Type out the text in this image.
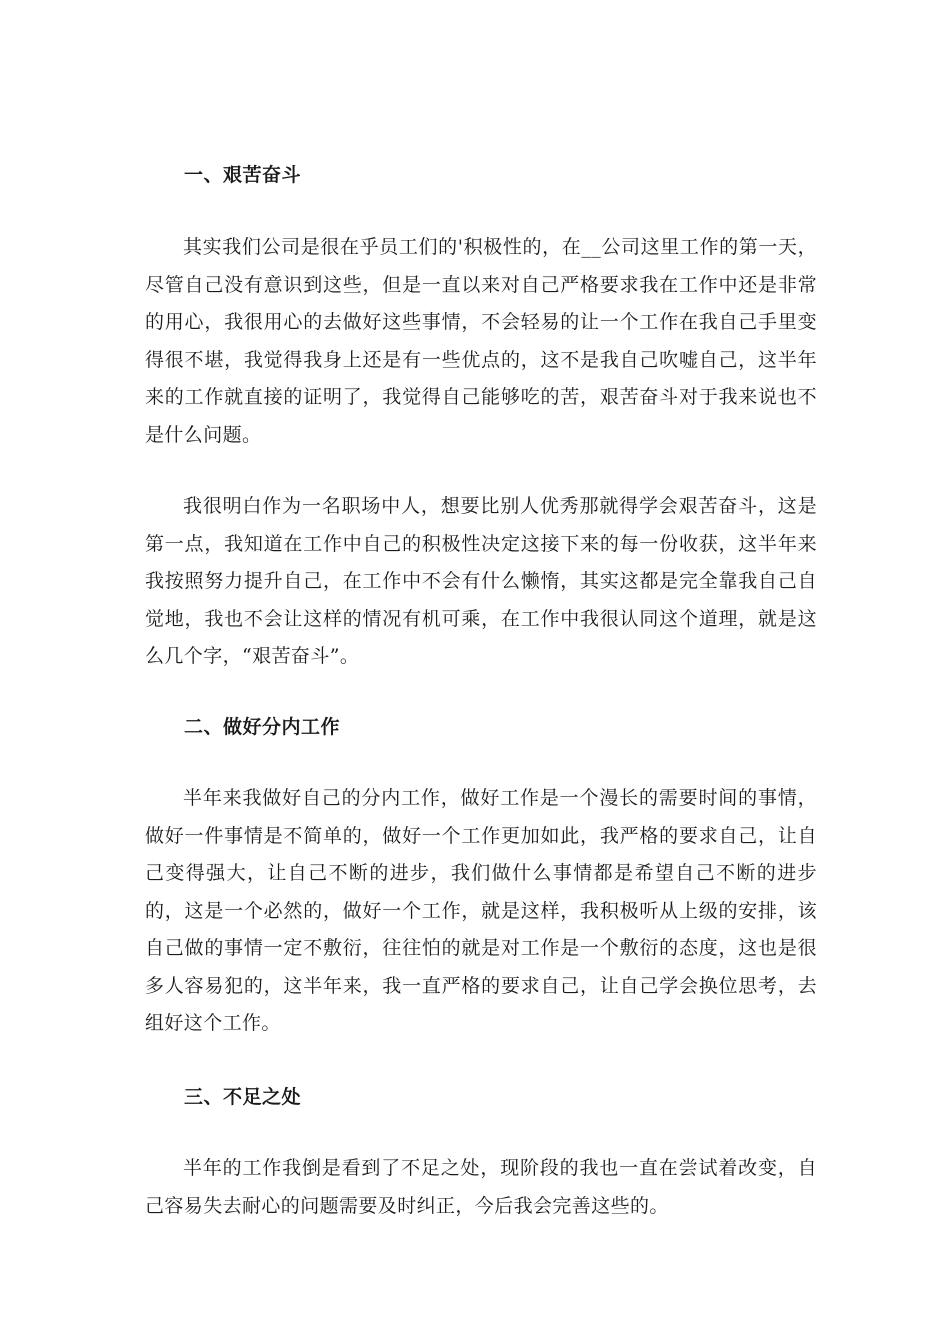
一、艰苦奋斗

其实我们公司是很在乎员工们的'积极性的，在__公司这里工作的第一天，尽管自己没有意识到这些，但是一直以来对自己严格要求我在工作中还是非常的用心，我很用心的去做好这些事情，不会轻易的让一个工作在我自己手里变得很不堪，我觉得我身上还是有一些优点的，这不是我自己吹嘘自己，这半年来的工作就直接的证明了，我觉得自己能够吃的苦，艰苦奋斗对于我来说也不是什么问题。

我很明白作为一名职场中人，想要比别人优秀那就得学会艰苦奋斗，这是第一点，我知道在工作中自己的积极性决定这接下来的每一份收获，这半年来我按照努力提升自己，在工作中不会有什么懒惰，其实这都是完全靠我自己自觉地，我也不会让这样的情况有机可乘，在工作中我很认同这个道理，就是这么几个字，“艰苦奋斗”。

二、做好分内工作

半年来我做好自己的分内工作，做好工作是一个漫长的需要时间的事情，做好一件事情是不简单的，做好一个工作更加如此，我严格的要求自己，让自己变得强大，让自己不断的进步，我们做什么事情都是希望自己不断的进步的，这是一个必然的，做好一个工作，就是这样，我积极听从上级的安排，该自己做的事情一定不敷衍，往往怕的就是对工作是一个敷衍的态度，这也是很多人容易犯的，这半年来，我一直严格的要求自己，让自己学会换位思考，去组好这个工作。

三、不足之处

半年的工作我倒是看到了不足之处，现阶段的我也一直在尝试着改变，自己容易失去耐心的问题需要及时纠正，今后我会完善这些的。
